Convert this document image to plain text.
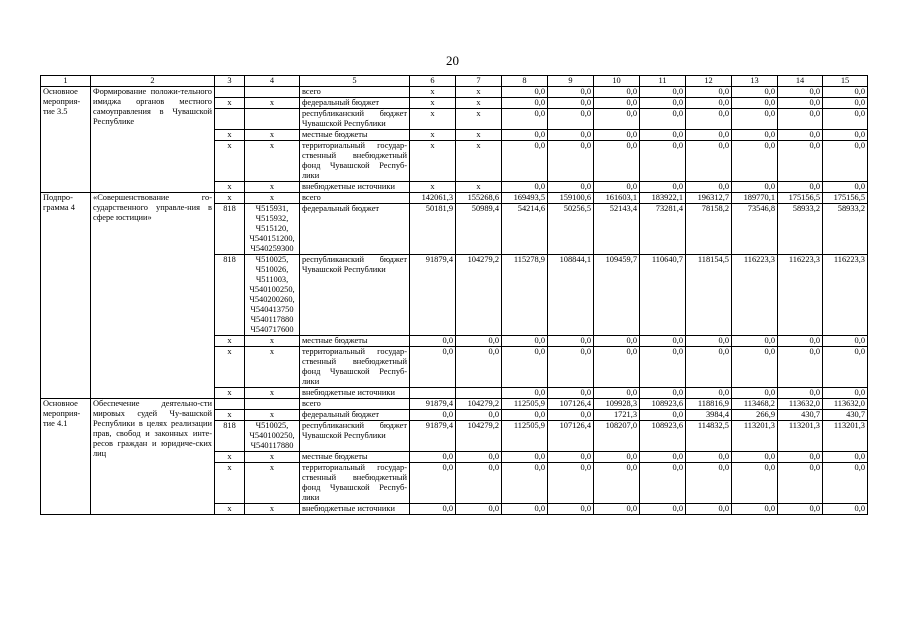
20
1	2	3	4	5	6	7	8	9	10	11	12	13	14	15
Основное мероприя-тие 3.5	Формирование положи-тельного имиджа органов местного самоуправления в Чувашской Республике			всего	x	x	0,0	0,0	0,0	0,0	0,0	0,0	0,0	0,0
		x	x	федеральный бюджет	x	x	0,0	0,0	0,0	0,0	0,0	0,0	0,0	0,0
				республиканский бюджет Чувашской Республики	x	x	0,0	0,0	0,0	0,0	0,0	0,0	0,0	0,0
		x	x	местные бюджеты	x	x	0,0	0,0	0,0	0,0	0,0	0,0	0,0	0,0
		x	x	территориальный государ-ственный внебюджетный фонд Чувашской Респуб-лики	x	x	0,0	0,0	0,0	0,0	0,0	0,0	0,0	0,0
		x	x	внебюджетные источники	x	x	0,0	0,0	0,0	0,0	0,0	0,0	0,0	0,0
Подпро-грамма 4	«Совершенствование го-сударственного управле-ния в сфере юстиции»	x	x	всего	142061,3	155268,6	169493,5	159100,6	161603,1	183922,1	196312,7	189770,1	175156,5	175156,5
		818	Ч515931, Ч515932, Ч515120, Ч540151200, Ч540259300	федеральный бюджет	50181,9	50989,4	54214,6	50256,5	52143,4	73281,4	78158,2	73546,8	58933,2	58933,2
		818	Ч510025, Ч510026, Ч511003, Ч540100250, Ч540200260, Ч540413750 Ч540117880 Ч540717600	республиканский бюджет Чувашской Республики	91879,4	104279,2	115278,9	108844,1	109459,7	110640,7	118154,5	116223,3	116223,3	116223,3
		x	x	местные бюджеты	0,0	0,0	0,0	0,0	0,0	0,0	0,0	0,0	0,0	0,0
		x	x	территориальный государ-ственный внебюджетный фонд Чувашской Респуб-лики	0,0	0,0	0,0	0,0	0,0	0,0	0,0	0,0	0,0	0,0
		x	x	внебюджетные источники			0,0	0,0	0,0	0,0	0,0	0,0	0,0	0,0
Основное мероприя-тие 4.1	Обеспечение деятельно-сти мировых судей Чу-вашской Республики в целях реализации прав, свобод и законных инте-ресов граждан и юридиче-ских лиц			всего	91879,4	104279,2	112505,9	107126,4	109928,3	108923,6	118816,9	113468,2	113632,0	113632,0
		x	x	федеральный бюджет	0,0	0,0	0,0	0,0	1721,3	0,0	3984,4	266,9	430,7	430,7
		818	Ч510025, Ч540100250, Ч540117880	республиканский бюджет Чувашской Республики	91879,4	104279,2	112505,9	107126,4	108207,0	108923,6	114832,5	113201,3	113201,3	113201,3
		x	x	местные бюджеты	0,0	0,0	0,0	0,0	0,0	0,0	0,0	0,0	0,0	0,0
		x	x	территориальный государ-ственный внебюджетный фонд Чувашской Респуб-лики	0,0	0,0	0,0	0,0	0,0	0,0	0,0	0,0	0,0	0,0
		x	x	внебюджетные источники	0,0	0,0	0,0	0,0	0,0	0,0	0,0	0,0	0,0	0,0
